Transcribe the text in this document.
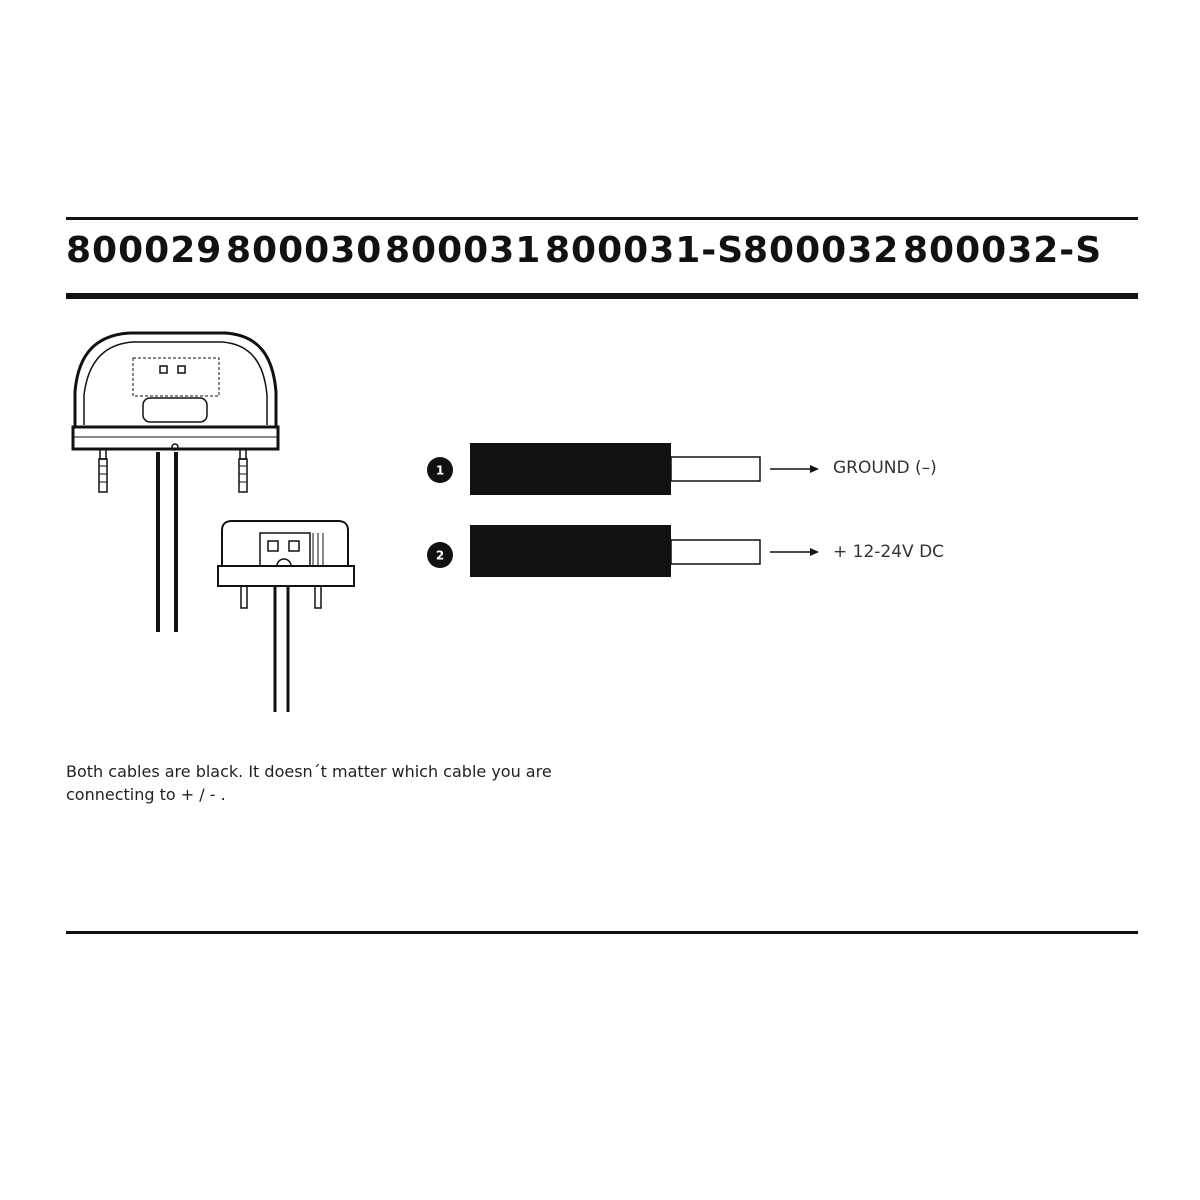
800029 800030 800031 800031-S
800032 800032-S
1
2
GROUND (–)
+ 12-24V DC
Both cables are black. It doesn´t matter which cable you are
connecting to + / - .
